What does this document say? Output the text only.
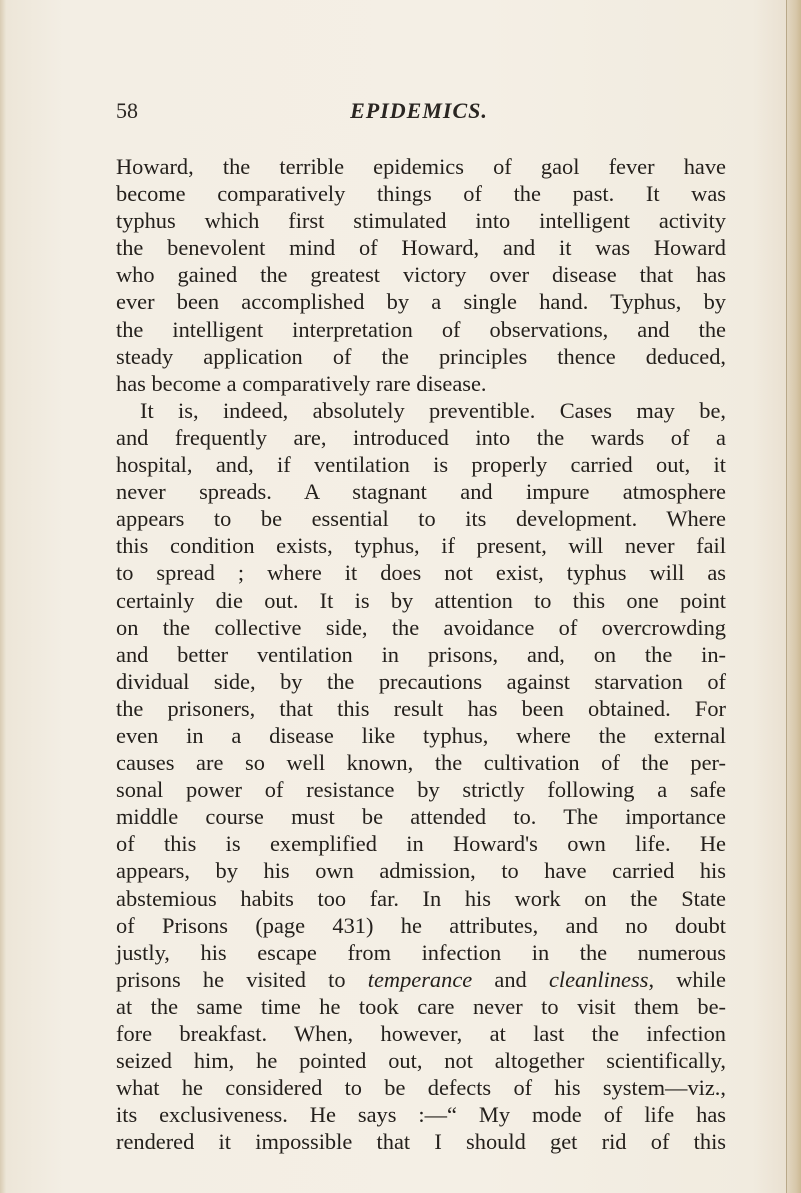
58	EPIDEMICS.
Howard, the terrible epidemics of gaol fever have
become comparatively things of the past. It was
typhus which first stimulated into intelligent activity
the benevolent mind of Howard, and it was Howard
who gained the greatest victory over disease that has
ever been accomplished by a single hand. Typhus, by
the intelligent interpretation of observations, and the
steady application of the principles thence deduced,
has become a comparatively rare disease.
It is, indeed, absolutely preventible. Cases may be,
and frequently are, introduced into the wards of a
hospital, and, if ventilation is properly carried out, it
never spreads. A stagnant and impure atmosphere
appears to be essential to its development. Where
this condition exists, typhus, if present, will never fail
to spread ; where it does not exist, typhus will as
certainly die out. It is by attention to this one point
on the collective side, the avoidance of overcrowding
and better ventilation in prisons, and, on the in-
dividual side, by the precautions against starvation of
the prisoners, that this result has been obtained. For
even in a disease like typhus, where the external
causes are so well known, the cultivation of the per-
sonal power of resistance by strictly following a safe
middle course must be attended to. The importance
of this is exemplified in Howard's own life. He
appears, by his own admission, to have carried his
abstemious habits too far. In his work on the State
of Prisons (page 431) he attributes, and no doubt
justly, his escape from infection in the numerous
prisons he visited to temperance and cleanliness, while
at the same time he took care never to visit them be-
fore breakfast. When, however, at last the infection
seized him, he pointed out, not altogether scientifically,
what he considered to be defects of his system—viz.,
its exclusiveness. He says :—“ My mode of life has
rendered it impossible that I should get rid of this
